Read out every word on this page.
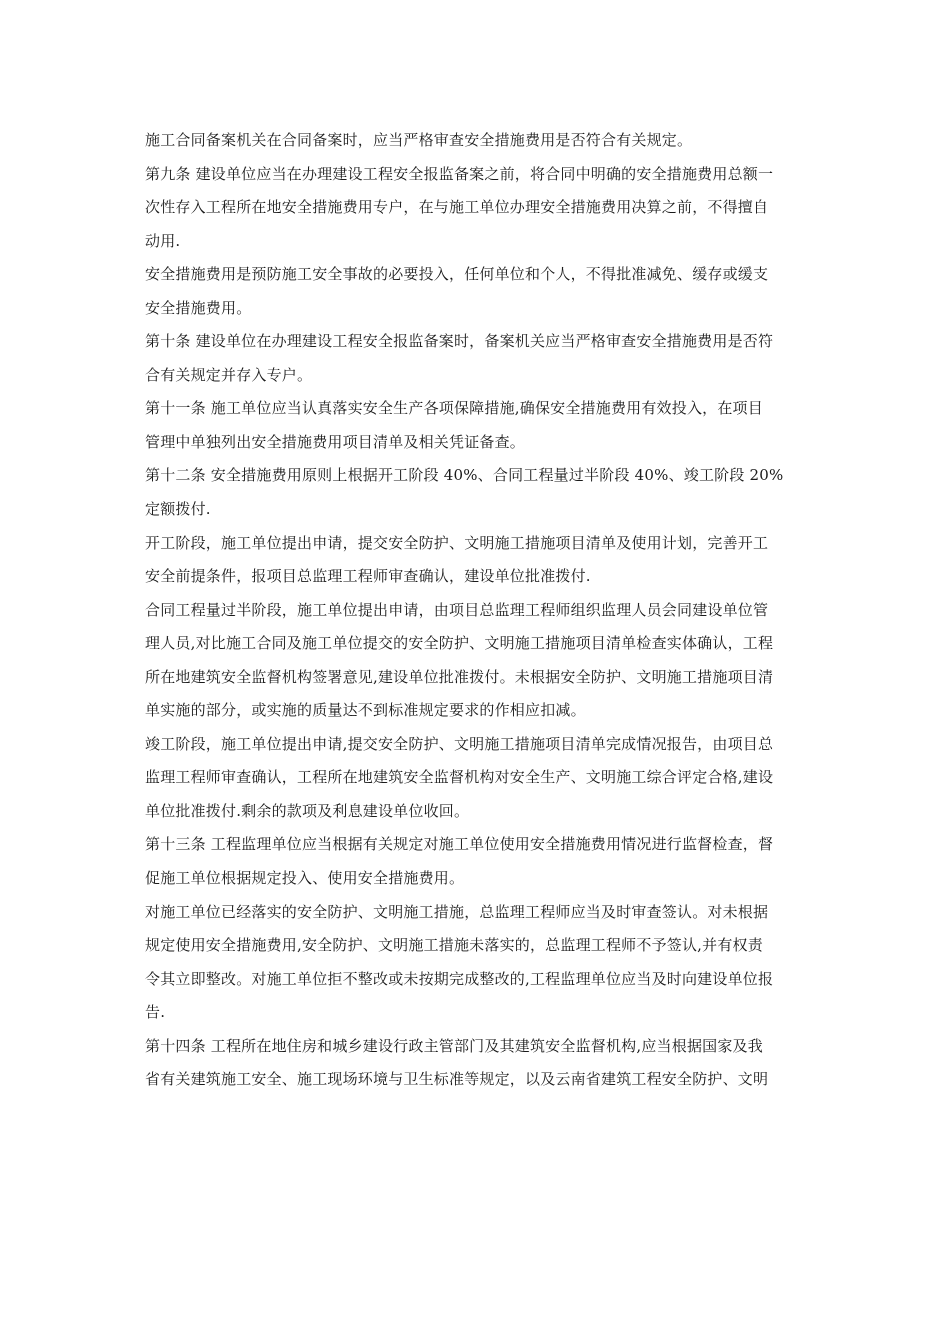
施工合同备案机关在合同备案时，应当严格审查安全措施费用是否符合有关规定。
第九条 建设单位应当在办理建设工程安全报监备案之前，将合同中明确的安全措施费用总额一
次性存入工程所在地安全措施费用专户，在与施工单位办理安全措施费用决算之前，不得擅自
动用.
安全措施费用是预防施工安全事故的必要投入，任何单位和个人，不得批准减免、缓存或缓支
安全措施费用。
第十条 建设单位在办理建设工程安全报监备案时，备案机关应当严格审查安全措施费用是否符
合有关规定并存入专户。
第十一条 施工单位应当认真落实安全生产各项保障措施,确保安全措施费用有效投入，在项目
管理中单独列出安全措施费用项目清单及相关凭证备查。
第十二条 安全措施费用原则上根据开工阶段 40%、合同工程量过半阶段 40%、竣工阶段 20%
定额拨付.
开工阶段，施工单位提出申请，提交安全防护、文明施工措施项目清单及使用计划，完善开工
安全前提条件，报项目总监理工程师审查确认，建设单位批准拨付.
合同工程量过半阶段，施工单位提出申请，由项目总监理工程师组织监理人员会同建设单位管
理人员,对比施工合同及施工单位提交的安全防护、文明施工措施项目清单检查实体确认，工程
所在地建筑安全监督机构签署意见,建设单位批准拨付。未根据安全防护、文明施工措施项目清
单实施的部分，或实施的质量达不到标准规定要求的作相应扣减。
竣工阶段，施工单位提出申请,提交安全防护、文明施工措施项目清单完成情况报告，由项目总
监理工程师审查确认，工程所在地建筑安全监督机构对安全生产、文明施工综合评定合格,建设
单位批准拨付.剩余的款项及利息建设单位收回。
第十三条 工程监理单位应当根据有关规定对施工单位使用安全措施费用情况进行监督检查，督
促施工单位根据规定投入、使用安全措施费用。
对施工单位已经落实的安全防护、文明施工措施，总监理工程师应当及时审查签认。对未根据
规定使用安全措施费用,安全防护、文明施工措施未落实的，总监理工程师不予签认,并有权责
令其立即整改。对施工单位拒不整改或未按期完成整改的,工程监理单位应当及时向建设单位报
告.
第十四条 工程所在地住房和城乡建设行政主管部门及其建筑安全监督机构,应当根据国家及我
省有关建筑施工安全、施工现场环境与卫生标准等规定，以及云南省建筑工程安全防护、文明
